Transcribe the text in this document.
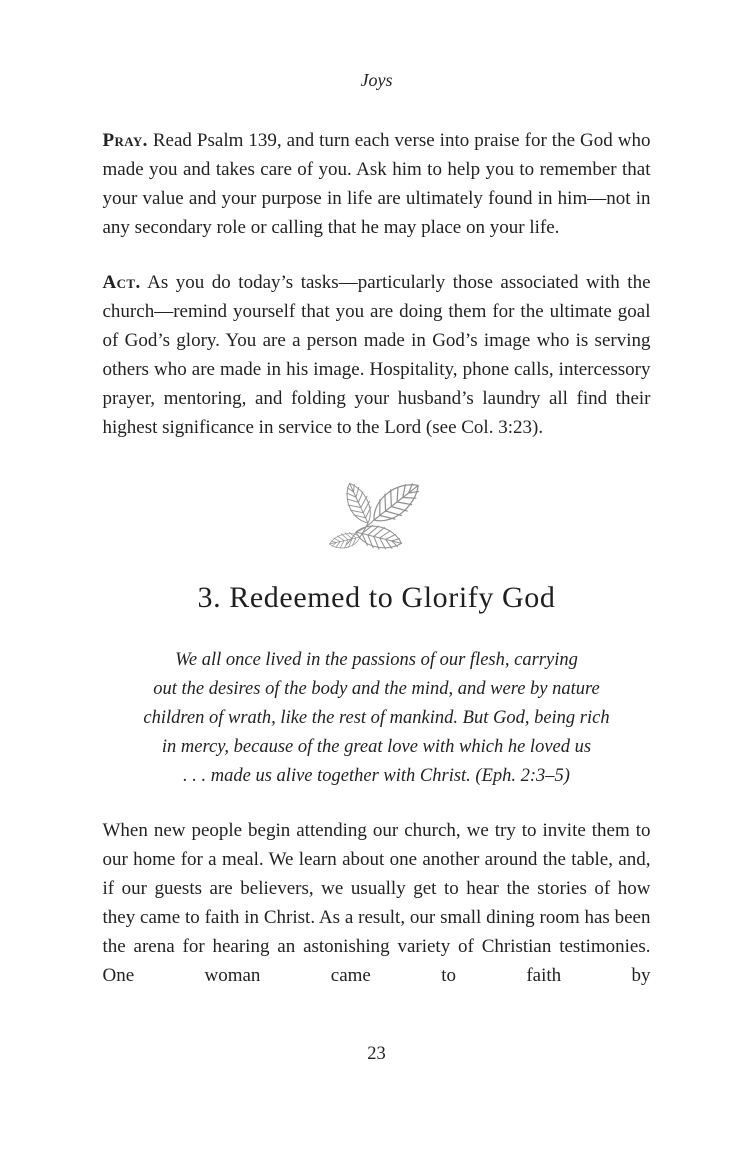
Joys

Pray. Read Psalm 139, and turn each verse into praise for the God who made you and takes care of you. Ask him to help you to remember that your value and your purpose in life are ultimately found in him—not in any secondary role or calling that he may place on your life.

Act. As you do today’s tasks—particularly those associated with the church—remind yourself that you are doing them for the ultimate goal of God’s glory. You are a person made in God’s image who is serving others who are made in his image. Hospitality, phone calls, intercessory prayer, mentoring, and folding your husband’s laundry all find their highest significance in service to the Lord (see Col. 3:23).

3. Redeemed to Glorify God
We all once lived in the passions of our flesh, carrying
out the desires of the body and the mind, and were by nature
children of wrath, like the rest of mankind. But God, being rich
in mercy, because of the great love with which he loved us
. . . made us alive together with Christ. (Eph. 2:3–5)

When new people begin attending our church, we try to invite them to our home for a meal. We learn about one another around the table, and, if our guests are believers, we usually get to hear the stories of how they came to faith in Christ. As a result, our small dining room has been the arena for hearing an astonishing variety of Christian testimonies. One woman came to faith by

23
